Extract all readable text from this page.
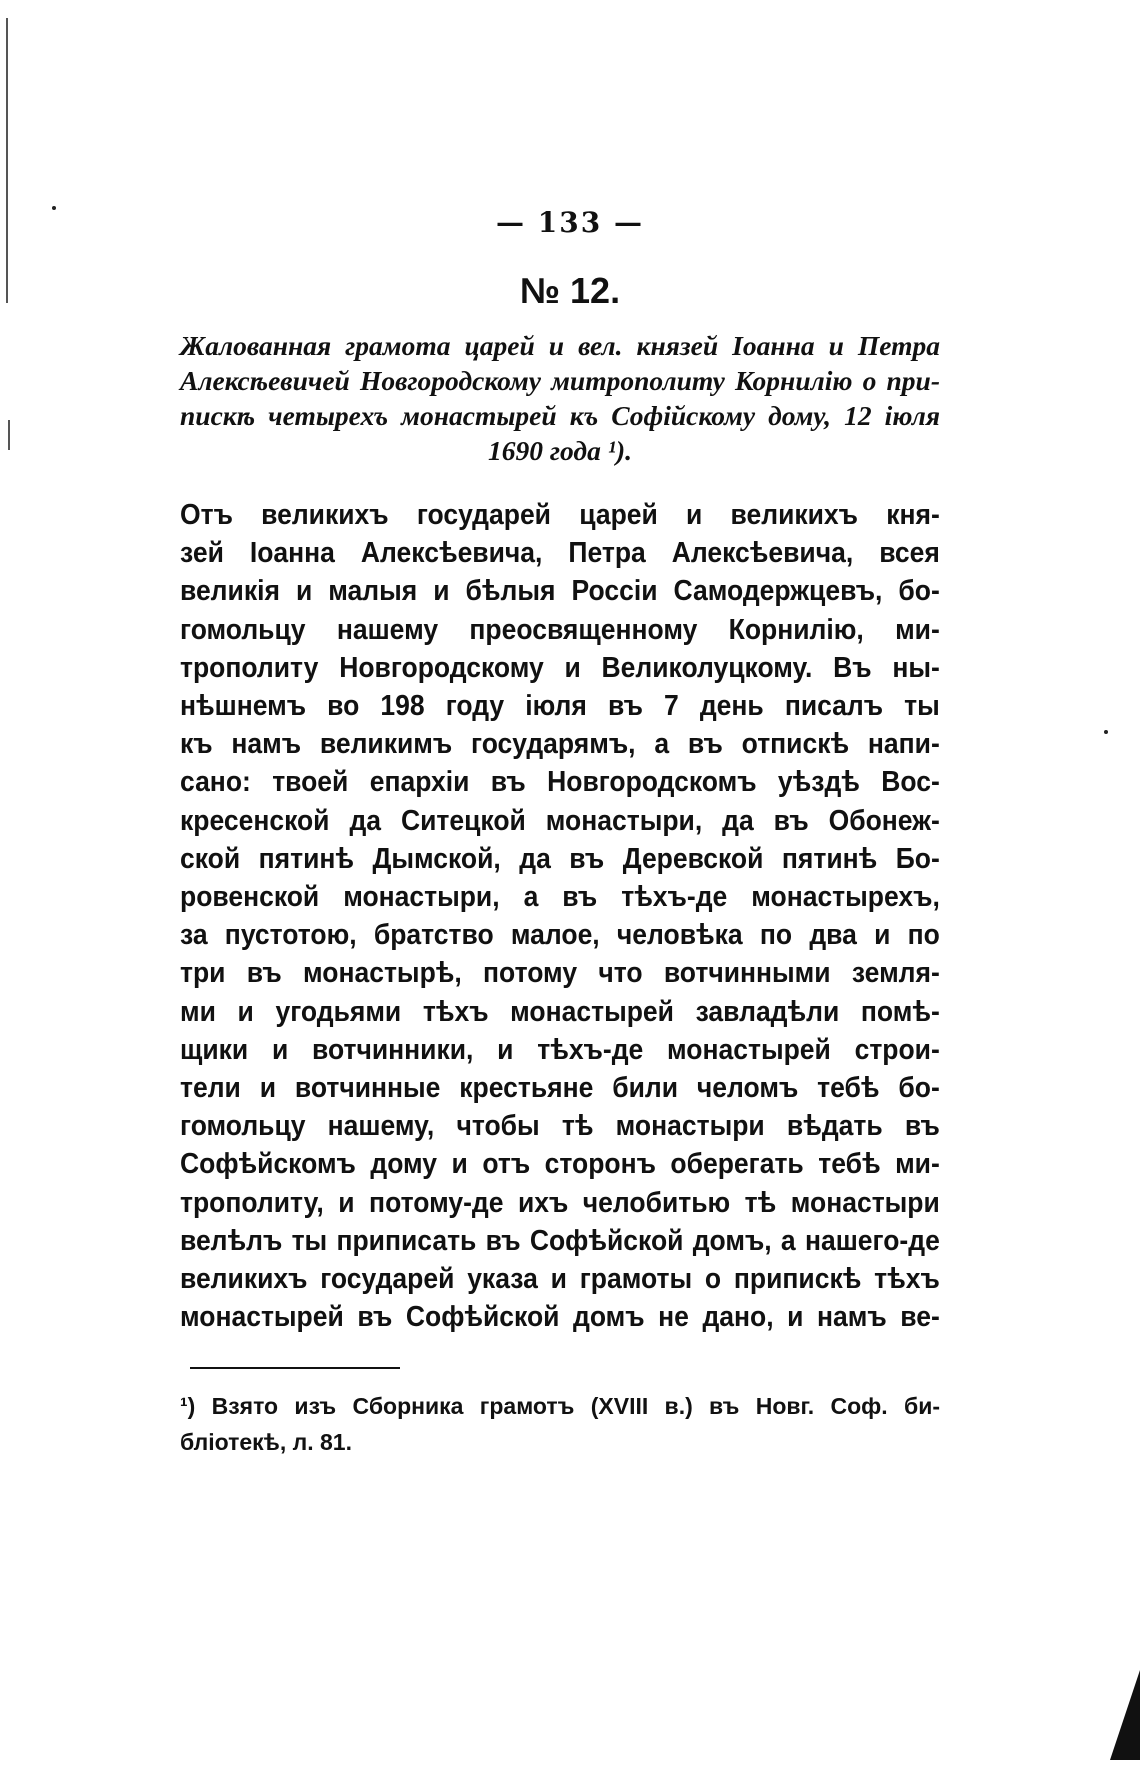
— 133 —
№ 12.
Жалованная грамота царей и вел. князей Іоанна и Петра
Алексѣевичей Новгородскому митрополиту Корнилію о при-
пискѣ четырехъ монастырей къ Софійскому дому, 12 іюля
1690 года ¹).
Отъ великихъ государей царей и великихъ кня-
зей Іоанна Алексѣевича, Петра Алексѣевича, всея
великія и малыя и бѣлыя Россіи Самодержцевъ, бо-
гомольцу нашему преосвященному Корнилію, ми-
трополиту Новгородскому и Великолуцкому. Въ ны-
нѣшнемъ во 198 году іюля въ 7 день писалъ ты
къ намъ великимъ государямъ, а въ отпискѣ напи-
сано: твоей епархіи въ Новгородскомъ уѣздѣ Вос-
кресенской да Ситецкой монастыри, да въ Обонеж-
ской пятинѣ Дымской, да въ Деревской пятинѣ Бо-
ровенской монастыри, а въ тѣхъ-де монастырехъ,
за пустотою, братство малое, человѣка по два и по
три въ монастырѣ, потому что вотчинными земля-
ми и угодьями тѣхъ монастырей завладѣли помѣ-
щики и вотчинники, и тѣхъ-де монастырей строи-
тели и вотчинные крестьяне били челомъ тебѣ бо-
гомольцу нашему, чтобы тѣ монастыри вѣдать въ
Софѣйскомъ дому и отъ сторонъ оберегать тебѣ ми-
трополиту, и потому-де ихъ челобитью тѣ монастыри
велѣлъ ты приписать въ Софѣйской домъ, а нашего-де
великихъ государей указа и грамоты о припискѣ тѣхъ
монастырей въ Софѣйской домъ не дано, и намъ ве-
¹) Взято изъ Сборника грамотъ (XVIII в.) въ Новг. Соф. би-
бліотекѣ, л. 81.
